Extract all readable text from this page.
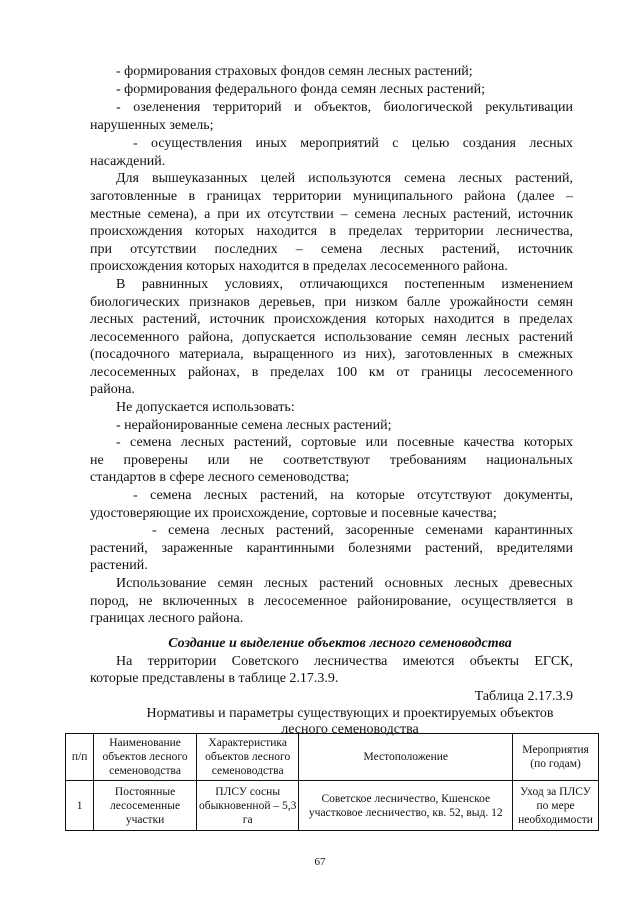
- формирования страховых фондов семян лесных растений;
- формирования федерального фонда семян лесных растений;
- озеленения территорий и объектов, биологической рекультивации
нарушенных земель;
- осуществления иных мероприятий с целью создания лесных
насаждений.
Для вышеуказанных целей используются семена лесных растений,
заготовленные в границах территории муниципального района (далее –
местные семена), а при их отсутствии – семена лесных растений, источник
происхождения которых находится в пределах территории лесничества,
при отсутствии последних – семена лесных растений, источник
происхождения которых находится в пределах лесосеменного района.
В равнинных условиях, отличающихся постепенным изменением
биологических признаков деревьев, при низком балле урожайности семян
лесных растений, источник происхождения которых находится в пределах
лесосеменного района, допускается использование семян лесных растений
(посадочного материала, выращенного из них), заготовленных в смежных
лесосеменных районах, в пределах 100 км от границы лесосеменного
района.
Не допускается использовать:
- нерайонированные семена лесных растений;
- семена лесных растений, сортовые или посевные качества которых
не проверены или не соответствуют требованиям национальных
стандартов в сфере лесного семеноводства;
- семена лесных растений, на которые отсутствуют документы,
удостоверяющие их происхождение, сортовые и посевные качества;
- семена лесных растений, засоренные семенами карантинных
растений, зараженные карантинными болезнями растений, вредителями
растений.
Использование семян лесных растений основных лесных древесных
пород, не включенных в лесосеменное районирование, осуществляется в
границах лесного района.
Создание и выделение объектов лесного семеноводства
На территории Советского лесничества имеются объекты ЕГСК,
которые представлены в таблице 2.17.3.9.
Таблица 2.17.3.9
Нормативы и параметры существующих и проектируемых объектов
лесного семеноводства
п/п	Наименование объектов лесного семеноводства	Характеристика объектов лесного семеноводства	Местоположение	Мероприятия (по годам)
1	Постоянные лесосеменные участки	ПЛСУ сосны обыкновенной – 5,3 га	Советское лесничество, Кшенское участковое лесничество, кв. 52, выд. 12	Уход за ПЛСУ по мере необходимости
67
